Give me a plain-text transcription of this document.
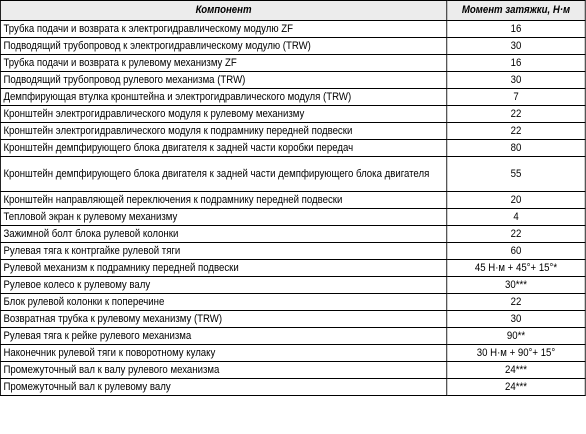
Компонент	Момент затяжки, Н·м
Трубка подачи и возврата к электрогидравлическому модулю ZF	16
Подводящий трубопровод к электрогидравлическому модулю (TRW)	30
Трубка подачи и возврата к рулевому механизму ZF	16
Подводящий трубопровод рулевого механизма (TRW)	30
Демпфирующая втулка кронштейна и электрогидравлического модуля (TRW)	7
Кронштейн электрогидравлического модуля к рулевому механизму	22
Кронштейн электрогидравлического модуля к подрамнику передней подвески	22
Кронштейн демпфирующего блока двигателя к задней части коробки передач	80
Кронштейн демпфирующего блока двигателя к задней части демпфирующего блока двигателя	55
Кронштейн направляющей переключения к подрамнику передней подвески	20
Тепловой экран к рулевому механизму	4
Зажимной болт блока рулевой колонки	22
Рулевая тяга к контргайке рулевой тяги	60
Рулевой механизм к подрамнику передней подвески	45 Н·м + 45°+ 15°*
Рулевое колесо к рулевому валу	30***
Блок рулевой колонки к поперечине	22
Возвратная трубка к рулевому механизму (TRW)	30
Рулевая тяга к рейке рулевого механизма	90**
Наконечник рулевой тяги к поворотному кулаку	30 Н·м + 90°+ 15°
Промежуточный вал к валу рулевого механизма	24***
Промежуточный вал к рулевому валу	24***
